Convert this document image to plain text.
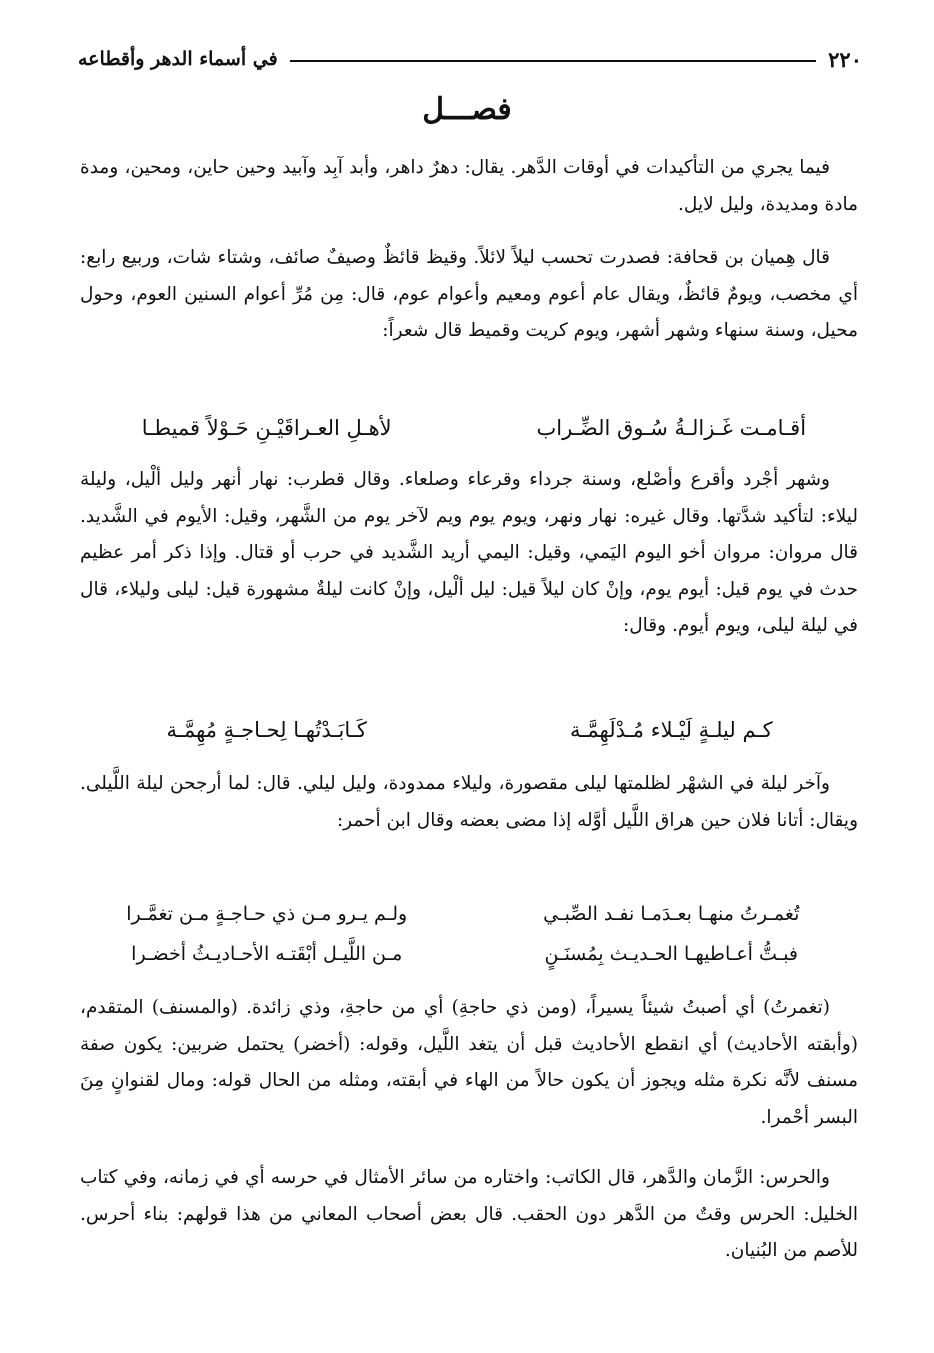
٢٢٠
في أسماء الدهر وأقطاعه
فصـــل

فيما يجري من التأكيدات في أوقات الدَّهر. يقال: دهرٌ داهر، وأبد آبِد وآبيد وحين حاين، ومحين، ومدة مادة ومديدة، وليل لايل.

قال هِميان بن قحافة: فصدرت تحسب ليلاً لائلاً. وقيظ قائظٌ وصيفٌ صائف، وشتاء شات، وربيع رابع: أي مخصب، ويومٌ قائظٌ، ويقال عام أعوم ومعيم وأعوام عوم، قال: مِن مُرِّ أعوام السنين العوم، وحول محيل، وسنة سنهاء وشهر أشهر، ويوم كريت وقميط قال شعراً:

أقـامـت غَـزالـةُ سُـوق الضِّـراب
لأهـلِ العـراقَيْـنِ حَـوْلاً قميطـا

وشهر أجْرد وأقرع وأصْلع، وسنة جرداء وقرعاء وصلعاء. وقال قطرب: نهار أنهر وليل ألْيل، وليلة ليلاء: لتأكيد شدَّتها. وقال غيره: نهار ونهر، ويوم يوم ويم لآخر يوم من الشَّهر، وقيل: الأيوم في الشَّديد. قال مروان: مروان أخو اليوم اليَمي، وقيل: اليمي أريد الشَّديد في حرب أو قتال. وإذا ذكر أمر عظيم حدث في يوم قيل: أيوم يوم، وإنْ كان ليلاً قيل: ليل ألْيل، وإنْ كانت ليلةٌ مشهورة قيل: ليلى وليلاء، قال في ليلة ليلى، ويوم أيوم. وقال:

كـم ليلـةٍ لَيْـلاء مُـدْلَهِمَّـة
كَـابَـدْتُهـا لِحـاجـةٍ مُهِمَّـة

وآخر ليلة في الشهْر لظلمتها ليلى مقصورة، وليلاء ممدودة، وليل ليلي. قال: لما أرجحن ليلة اللَّيلى. ويقال: أتانا فلان حين هراق اللَّيل أوَّله إذا مضى بعضه وقال ابن أحمر:

تُغمـرتُ منهـا بعـدَمـا نفـد الصِّبـي
ولـم يـرو مـن ذي حـاجـةٍ مـن تغمَّـرا
فبـتُّ أعـاطيهـا الحـديـث بِمُسنَـنٍ
مـن اللَّيـل أبْقَتـه الأحـاديـثُ أخضـرا

(تغمرتُ) أي أصبتُ شيئاً يسيراً، (ومن ذي حاجةِ) أي من حاجةِ، وذي زائدة. (والمسنف) المتقدم، (وأبقته الأحاديث) أي انقطع الأحاديث قبل أن يتغد اللَّيل، وقوله: (أخضر) يحتمل ضربين: يكون صفة مسنف لأنَّه نكرة مثله ويجوز أن يكون حالاً من الهاء في أبقته، ومثله من الحال قوله: ومال لقنوانٍ مِنَ البسر أحْمرا.

والحرس: الزَّمان والدَّهر، قال الكاتب: واختاره من سائر الأمثال في حرسه أي في زمانه، وفي كتاب الخليل: الحرس وقتٌ من الدَّهر دون الحقب. قال بعض أصحاب المعاني من هذا قولهم: بناء أحرس. للأصم من البُنيان.
